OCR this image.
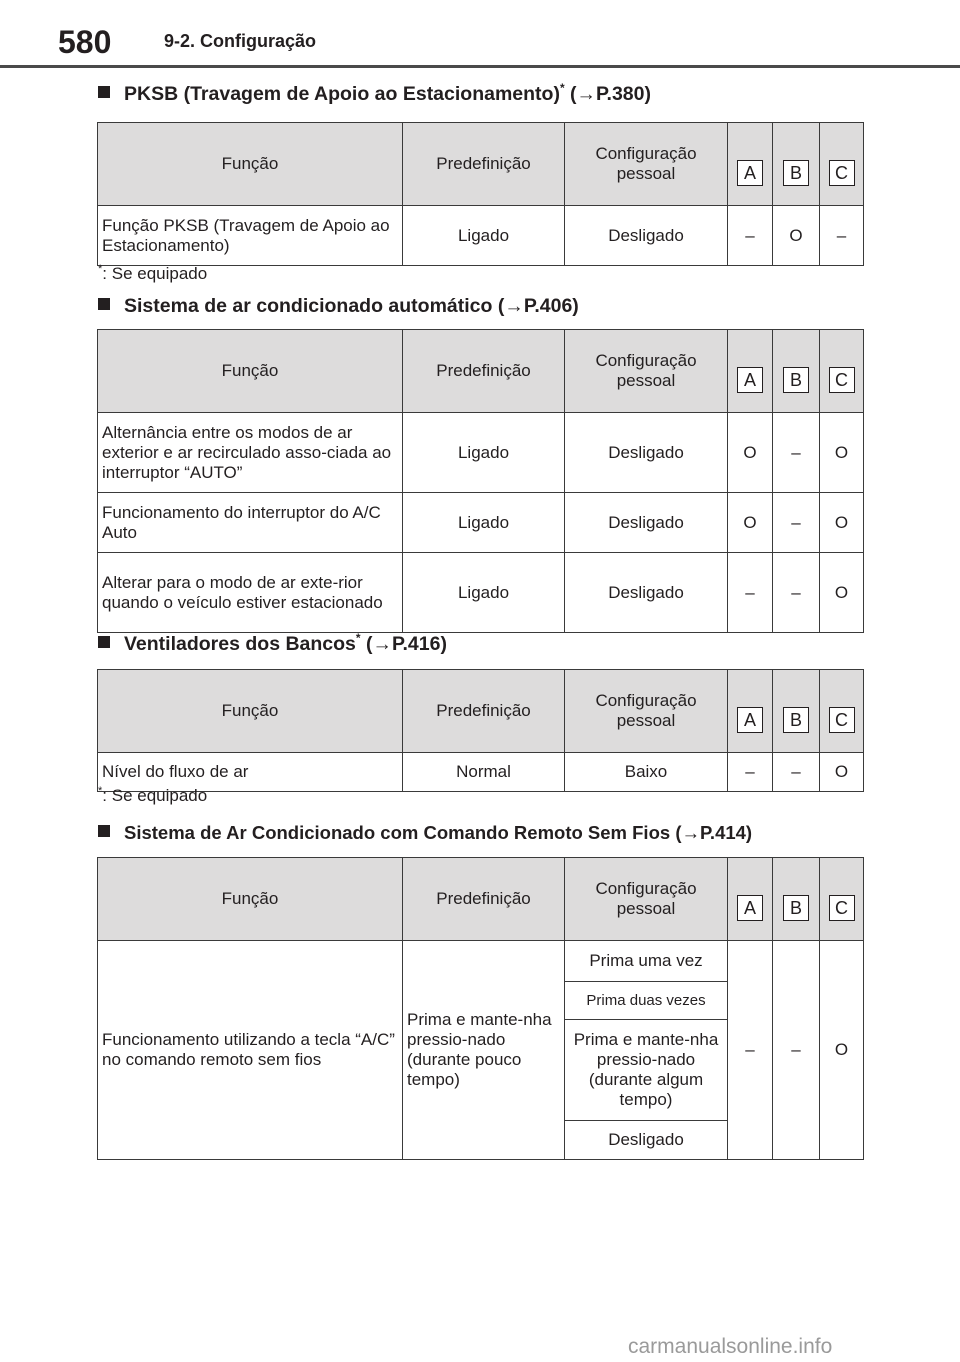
580	9-2. Configuração
PKSB (Travagem de Apoio ao Estacionamento)* (→P.380)
Função	Predefinição	Configuração pessoal	A	B	C
Função PKSB (Travagem de Apoio ao Estacionamento)	Ligado	Desligado	–	O	–
*: Se equipado
Sistema de ar condicionado automático (→P.406)
Função	Predefinição	Configuração pessoal	A	B	C
Alternância entre os modos de ar exterior e ar recirculado asso-ciada ao interruptor “AUTO”	Ligado	Desligado	O	–	O
Funcionamento do interruptor do A/C Auto	Ligado	Desligado	O	–	O
Alterar para o modo de ar exte-rior quando o veículo estiver estacionado	Ligado	Desligado	–	–	O
Ventiladores dos Bancos* (→P.416)
Função	Predefinição	Configuração pessoal	A	B	C
Nível do fluxo de ar	Normal	Baixo	–	–	O
*: Se equipado
Sistema de Ar Condicionado com Comando Remoto Sem Fios (→P.414)
Função	Predefinição	Configuração pessoal	A	B	C
Funcionamento utilizando a tecla “A/C” no comando remoto sem fios	Prima e mante-nha pressio-nado (durante pouco tempo)	Prima uma vez	–	–	O
		Prima duas vezes			
		Prima e mante-nha pressio-nado (durante algum tempo)			
		Desligado			
carmanualsonline.info
